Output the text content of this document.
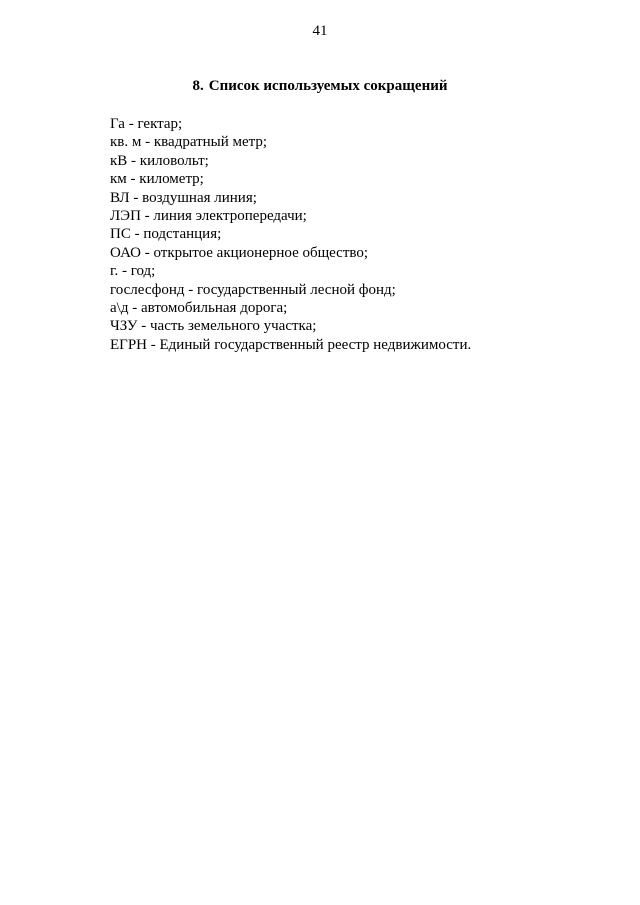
41
8. Список используемых сокращений
Га - гектар;
кв. м - квадратный метр;
кВ - киловольт;
км - километр;
ВЛ - воздушная линия;
ЛЭП - линия электропередачи;
ПС - подстанция;
ОАО - открытое акционерное общество;
г. - год;
гослесфонд - государственный лесной фонд;
а\д - автомобильная дорога;
ЧЗУ - часть земельного участка;
ЕГРН - Единый государственный реестр недвижимости.
